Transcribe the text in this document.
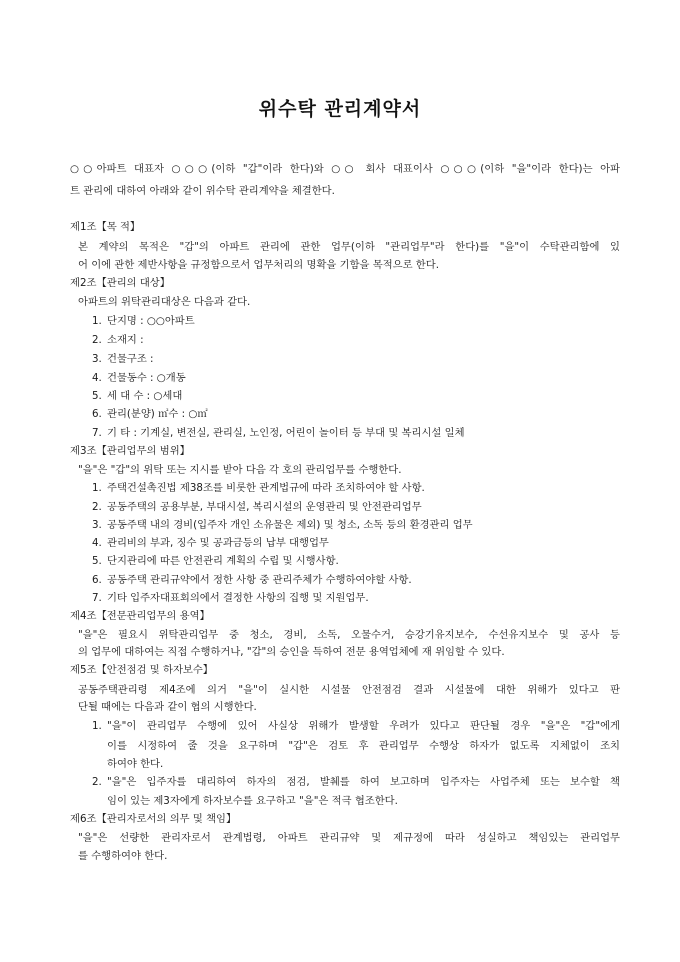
위수탁 관리계약서
○○아파트 대표자 ○○○(이하 "갑"이라 한다)와 ○○ 회사 대표이사 ○○○(이하 "을"이라 한다)는 아파
트 관리에 대하여 아래와 같이 위수탁 관리계약을 체결한다.
제1조【목 적】
본 계약의 목적은 "갑"의 아파트 관리에 관한 업무(이하 "관리업무"라 한다)를 "을"이 수탁관리함에 있
어 이에 관한 제반사항을 규정함으로서 업무처리의 명확을 기함을 목적으로 한다.
제2조【관리의 대상】
아파트의 위탁관리대상은 다음과 같다.
1. 단지명 : ○○아파트
2. 소재지 :
3. 건물구조 :
4. 건물동수 : ○개동
5. 세 대 수 : ○세대
6. 관리(분양) ㎡수 : ○㎡
7. 기 타 : 기계실, 변전실, 관리실, 노인정, 어린이 놀이터 등 부대 및 복리시설 일체
제3조【관리업무의 범위】
"을"은 "갑"의 위탁 또는 지시를 받아 다음 각 호의 관리업무를 수행한다.
1. 주택건설촉진법 제38조를 비롯한 관계법규에 따라 조치하여야 할 사항.
2. 공동주택의 공용부분, 부대시설, 복리시설의 운영관리 및 안전관리업무
3. 공동주택 내의 경비(입주자 개인 소유물은 제외) 및 청소, 소독 등의 환경관리 업무
4. 관리비의 부과, 징수 및 공과금등의 납부 대행업무
5. 단지관리에 따른 안전관리 계획의 수립 및 시행사항.
6. 공동주택 관리규약에서 정한 사항 중 관리주체가 수행하여야할 사항.
7. 기타 입주자대표회의에서 결정한 사항의 집행 및 지원업무.
제4조【전문관리업무의 용역】
"을"은 필요시 위탁관리업무 중 청소, 경비, 소독, 오물수거, 승강기유지보수, 수선유지보수 및 공사 등
의 업무에 대하여는 직접 수행하거나, "갑"의 승인을 득하여 전문 용역업체에 재 위임할 수 있다.
제5조【안전점검 및 하자보수】
공동주택관리령 제4조에 의거 "을"이 실시한 시설물 안전점검 결과 시설물에 대한 위해가 있다고 판
단될 때에는 다음과 같이 협의 시행한다.
1. "을"이 관리업무 수행에 있어 사실상 위해가 발생할 우려가 있다고 판단될 경우 "을"은 "갑"에게
이를 시정하여 줄 것을 요구하며 "갑"은 검토 후 관리업무 수행상 하자가 없도록 지체없이 조치
하여야 한다.
2. "을"은 입주자를 대리하여 하자의 점검, 발췌를 하여 보고하며 입주자는 사업주체 또는 보수할 책
임이 있는 제3자에게 하자보수를 요구하고 "을"은 적극 협조한다.
제6조【관리자로서의 의무 및 책임】
"을"은 선량한 관리자로서 관계법령, 아파트 관리규약 및 제규정에 따라 성실하고 책임있는 관리업무
를 수행하여야 한다.
